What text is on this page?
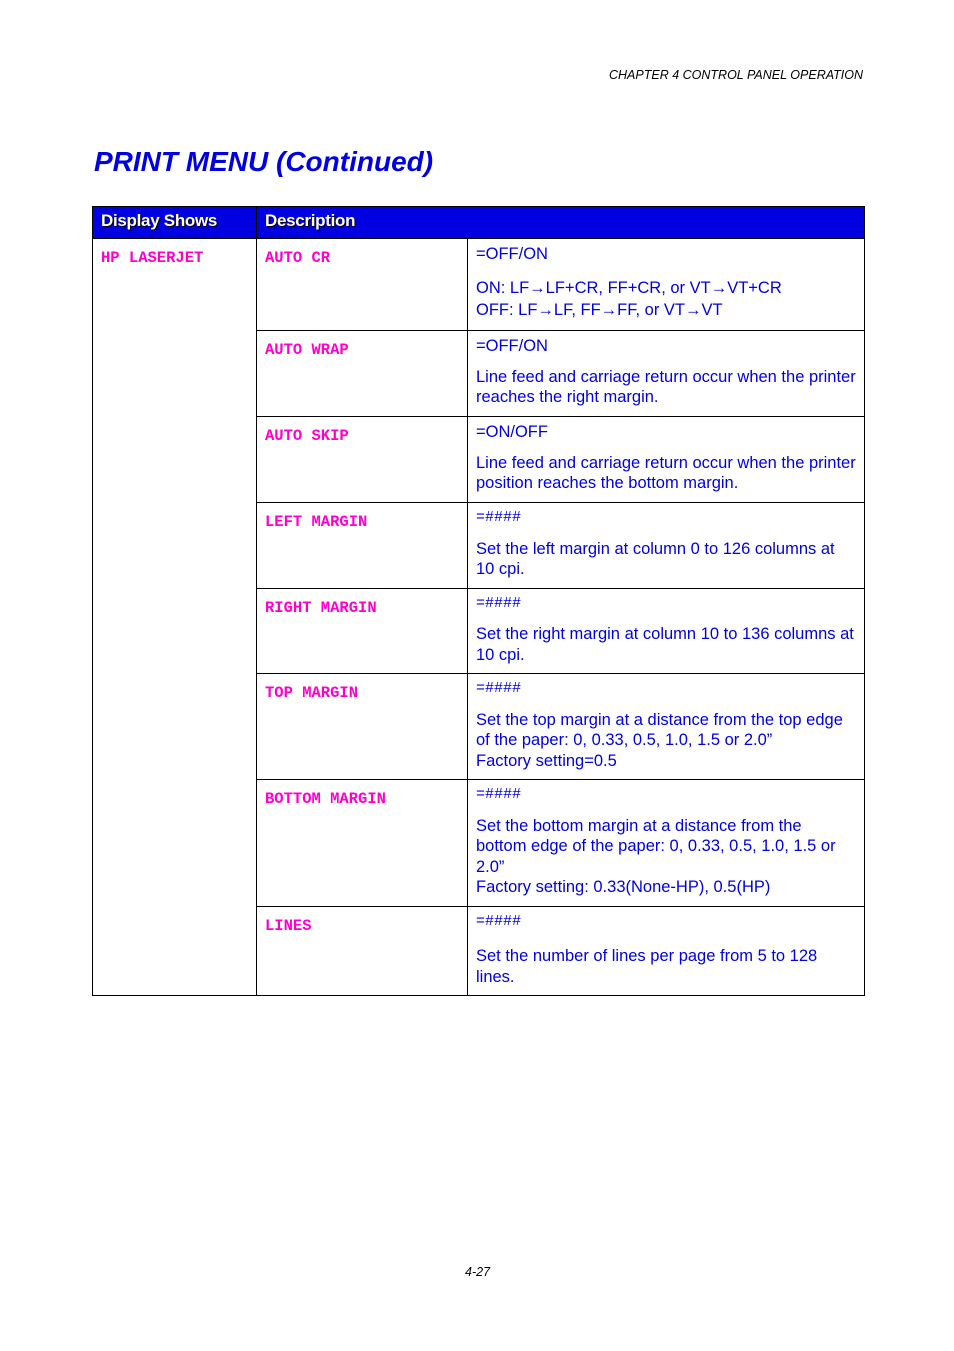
CHAPTER 4 CONTROL PANEL OPERATION
PRINT MENU (Continued)
Display Shows	Description	
HP LASERJET	AUTO CR	=OFF/ON

ON: LF→LF+CR, FF+CR, or VT→VT+CR

OFF: LF→LF, FF→FF, or VT→VT

	AUTO WRAP	=OFF/ON

Line feed and carriage return occur when the printer reaches the right margin.

	AUTO SKIP	=ON/OFF

Line feed and carriage return occur when the printer position reaches the bottom margin.

	LEFT MARGIN	=####

Set the left margin at column 0 to 126 columns at 10 cpi.

	RIGHT MARGIN	=####

Set the right margin at column 10 to 136 columns at 10 cpi.

	TOP MARGIN	=####

Set the top margin at a distance from the top edge of the paper: 0, 0.33, 0.5, 1.0, 1.5 or 2.0”

Factory setting=0.5

	BOTTOM MARGIN	=####

Set the bottom margin at a distance from the bottom edge of the paper: 0, 0.33, 0.5, 1.0, 1.5 or 2.0”

Factory setting: 0.33(None-HP), 0.5(HP)

	LINES	=####

Set the number of lines per page from 5 to 128 lines.

4-27
